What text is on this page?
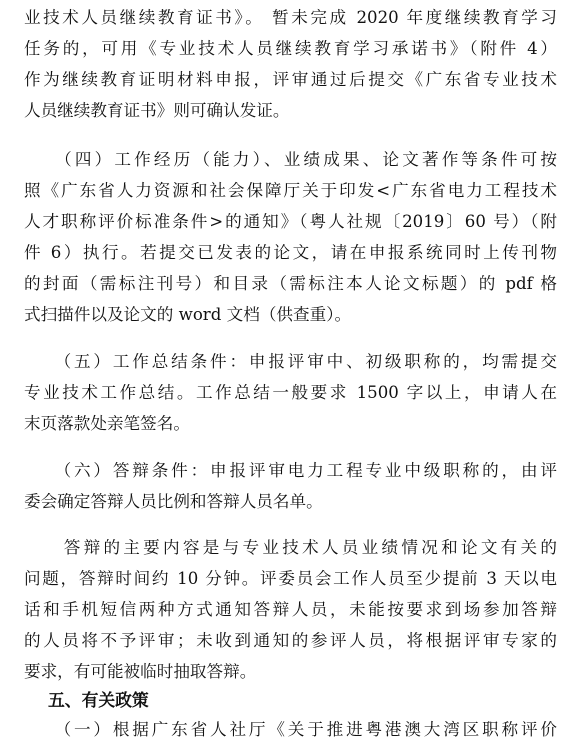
业技术人员继续教育证书》。 暂未完成 2020 年度继续教育学习
任务的，可用《专业技术人员继续教育学习承诺书》（附件 4）
作为继续教育证明材料申报，评审通过后提交《广东省专业技术
人员继续教育证书》则可确认发证。
　　（四）工作经历（能力）、业绩成果、论文著作等条件可按
照《广东省人力资源和社会保障厅关于印发<广东省电力工程技术
人才职称评价标准条件>的通知》（粤人社规〔2019〕60 号）（附
件 6）执行。若提交已发表的论文，请在申报系统同时上传刊物
的封面（需标注刊号）和目录（需标注本人论文标题）的 pdf 格
式扫描件以及论文的 word 文档（供查重）。
　　（五）工作总结条件：申报评审中、初级职称的，均需提交
专业技术工作总结。工作总结一般要求 1500 字以上，申请人在
末页落款处亲笔签名。
　　（六）答辩条件：申报评审电力工程专业中级职称的，由评
委会确定答辩人员比例和答辩人员名单。
　　答辩的主要内容是与专业技术人员业绩情况和论文有关的
问题，答辩时间约 10 分钟。评委员会工作人员至少提前 3 天以电
话和手机短信两种方式通知答辩人员，未能按要求到场参加答辩
的人员将不予评审；未收到通知的参评人员，将根据评审专家的
要求，有可能被临时抽取答辩。
五、有关政策
　　（一）根据广东省人社厅《关于推进粤港澳大湾区职称评价
